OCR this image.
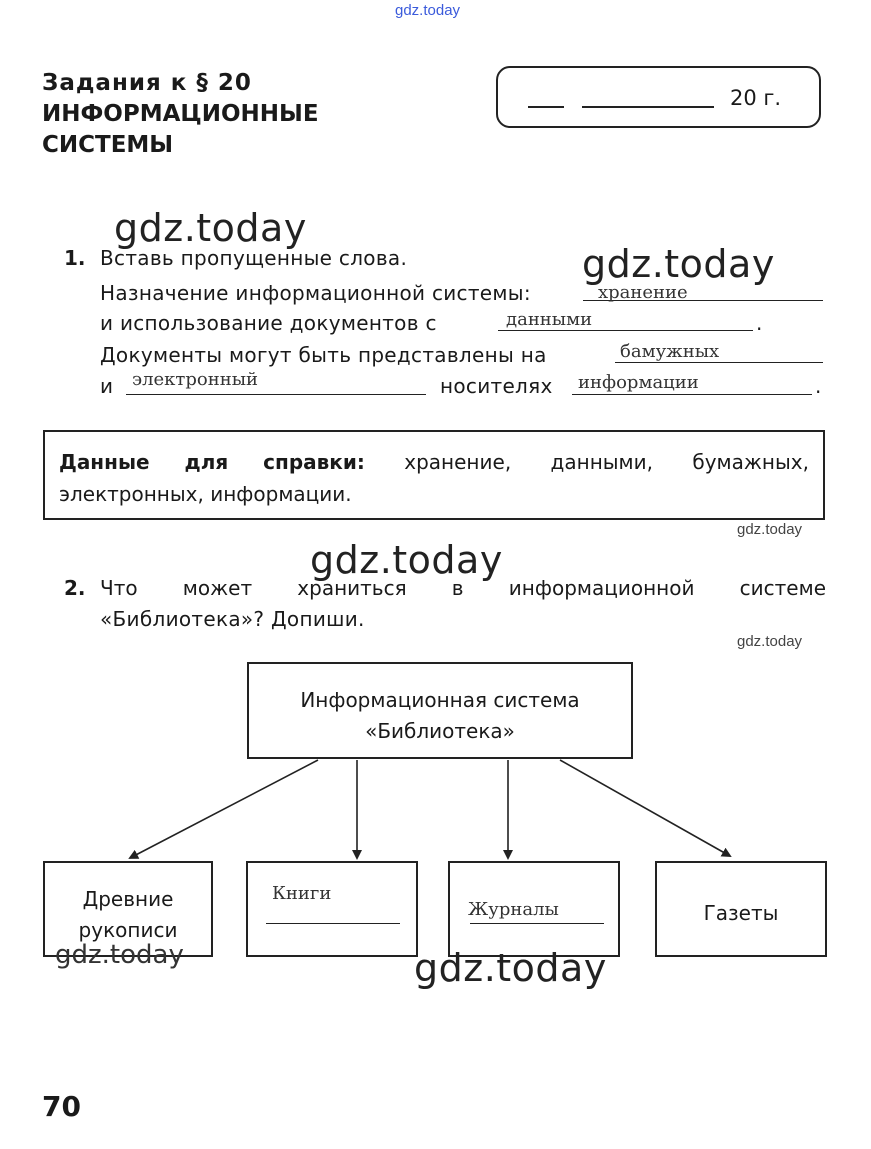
gdz.today
Задания к § 20
ИНФОРМАЦИОННЫЕ
СИСТЕМЫ
20 г.
gdz.today
gdz.today
1. Вставь пропущенные слова.
Назначение информационной системы:	хранение
и использование документов с	данными	.
Документы могут быть представлены на	бамужных
и электронный	носителях информации	.
Данные для справки: хранение, данными, бумажных,
электронных, информации.
gdz.today
gdz.today
2. Что может храниться в информационной системе
«Библиотека»? Допиши.
gdz.today
Информационная система
«Библиотека»
Древние
рукописи
Книги
Журналы	Газеты
gdz.today	gdz.today
70
